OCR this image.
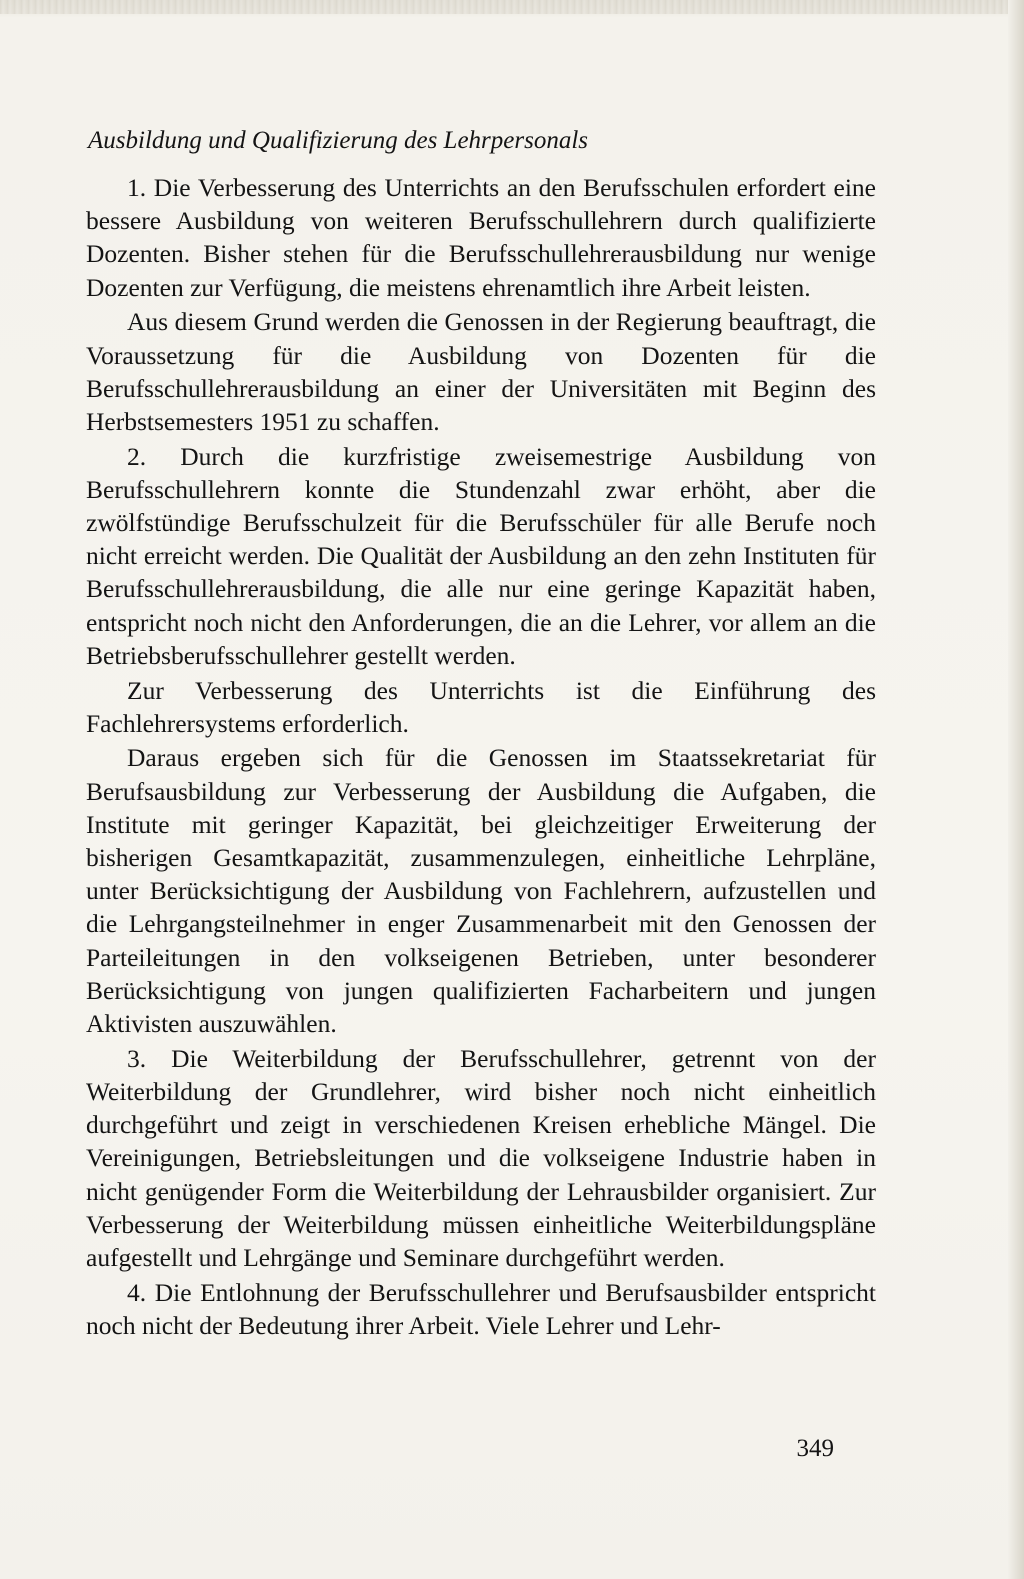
Ausbildung und Qualifizierung des Lehrpersonals

1. Die Verbesserung des Unterrichts an den Berufsschulen erfordert eine bessere Ausbildung von weiteren Berufsschullehrern durch qualifizierte Dozenten. Bisher stehen für die Berufsschullehrerausbildung nur wenige Dozenten zur Verfügung, die meistens ehrenamtlich ihre Arbeit leisten.

Aus diesem Grund werden die Genossen in der Regierung beauftragt, die Voraussetzung für die Ausbildung von Dozenten für die Berufsschullehrerausbildung an einer der Universitäten mit Beginn des Herbstsemesters 1951 zu schaffen.

2. Durch die kurzfristige zweisemestrige Ausbildung von Berufsschullehrern konnte die Stundenzahl zwar erhöht, aber die zwölfstündige Berufsschulzeit für die Berufsschüler für alle Berufe noch nicht erreicht werden. Die Qualität der Ausbildung an den zehn Instituten für Berufsschullehrerausbildung, die alle nur eine geringe Kapazität haben, entspricht noch nicht den Anforderungen, die an die Lehrer, vor allem an die Betriebsberufsschullehrer gestellt werden.

Zur Verbesserung des Unterrichts ist die Einführung des Fachlehrersystems erforderlich.

Daraus ergeben sich für die Genossen im Staatssekretariat für Berufsausbildung zur Verbesserung der Ausbildung die Aufgaben, die Institute mit geringer Kapazität, bei gleichzeitiger Erweiterung der bisherigen Gesamtkapazität, zusammenzulegen, einheitliche Lehrpläne, unter Berücksichtigung der Ausbildung von Fachlehrern, aufzustellen und die Lehrgangsteilnehmer in enger Zusammenarbeit mit den Genossen der Parteileitungen in den volkseigenen Betrieben, unter besonderer Berücksichtigung von jungen qualifizierten Facharbeitern und jungen Aktivisten auszuwählen.

3. Die Weiterbildung der Berufsschullehrer, getrennt von der Weiterbildung der Grundlehrer, wird bisher noch nicht einheitlich durchgeführt und zeigt in verschiedenen Kreisen erhebliche Mängel. Die Vereinigungen, Betriebsleitungen und die volkseigene Industrie haben in nicht genügender Form die Weiterbildung der Lehrausbilder organisiert. Zur Verbesserung der Weiterbildung müssen einheitliche Weiterbildungspläne aufgestellt und Lehrgänge und Seminare durchgeführt werden.

4. Die Entlohnung der Berufsschullehrer und Berufsausbilder entspricht noch nicht der Bedeutung ihrer Arbeit. Viele Lehrer und Lehr-

349
